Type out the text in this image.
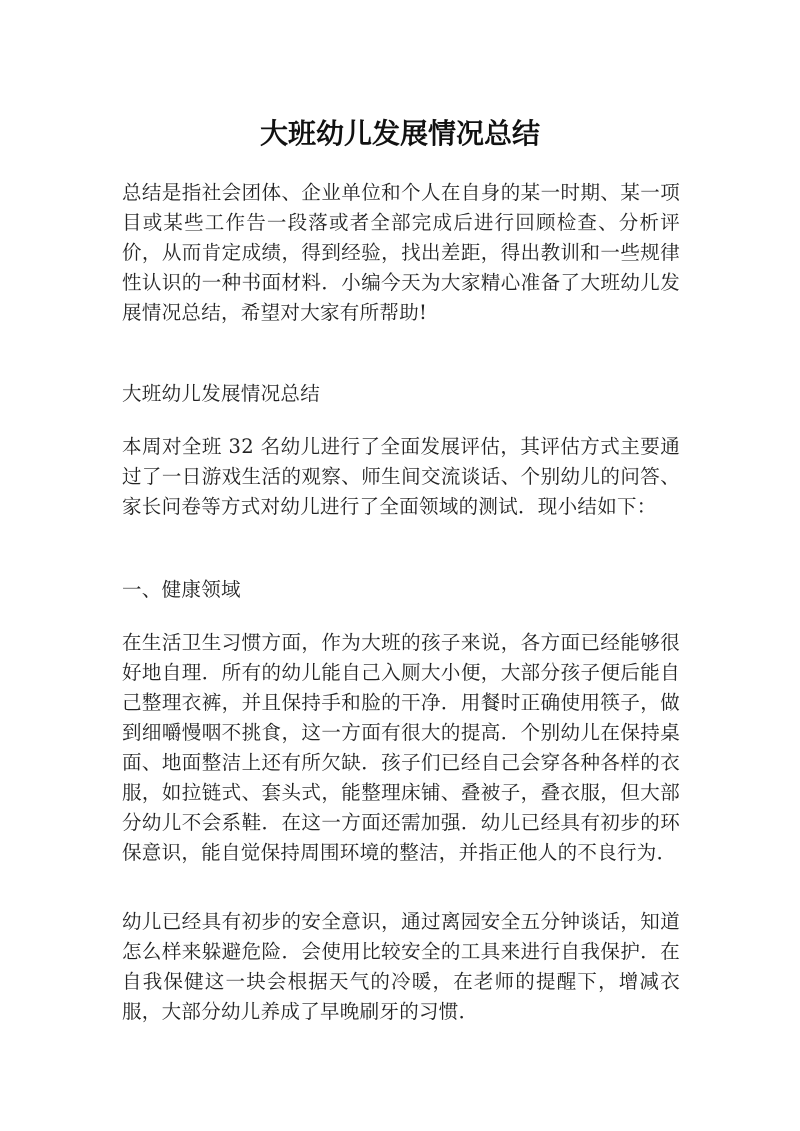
大班幼儿发展情况总结

总结是指社会团体、企业单位和个人在自身的某一时期、某一项目或某些工作告一段落或者全部完成后进行回顾检查、分析评价，从而肯定成绩，得到经验，找出差距，得出教训和一些规律性认识的一种书面材料．小编今天为大家精心准备了大班幼儿发展情况总结，希望对大家有所帮助!

大班幼儿发展情况总结

本周对全班 32 名幼儿进行了全面发展评估，其评估方式主要通过了一日游戏生活的观察、师生间交流谈话、个别幼儿的问答、家长问卷等方式对幼儿进行了全面领域的测试．现小结如下：

一、健康领域

在生活卫生习惯方面，作为大班的孩子来说，各方面已经能够很好地自理．所有的幼儿能自己入厕大小便，大部分孩子便后能自己整理衣裤，并且保持手和脸的干净．用餐时正确使用筷子，做到细嚼慢咽不挑食，这一方面有很大的提高．个别幼儿在保持桌面、地面整洁上还有所欠缺．孩子们已经自己会穿各种各样的衣服，如拉链式、套头式，能整理床铺、叠被子，叠衣服，但大部分幼儿不会系鞋．在这一方面还需加强．幼儿已经具有初步的环保意识，能自觉保持周围环境的整洁，并指正他人的不良行为．

幼儿已经具有初步的安全意识，通过离园安全五分钟谈话，知道怎么样来躲避危险．会使用比较安全的工具来进行自我保护．在自我保健这一块会根据天气的冷暖，在老师的提醒下，增减衣服，大部分幼儿养成了早晚刷牙的习惯．
